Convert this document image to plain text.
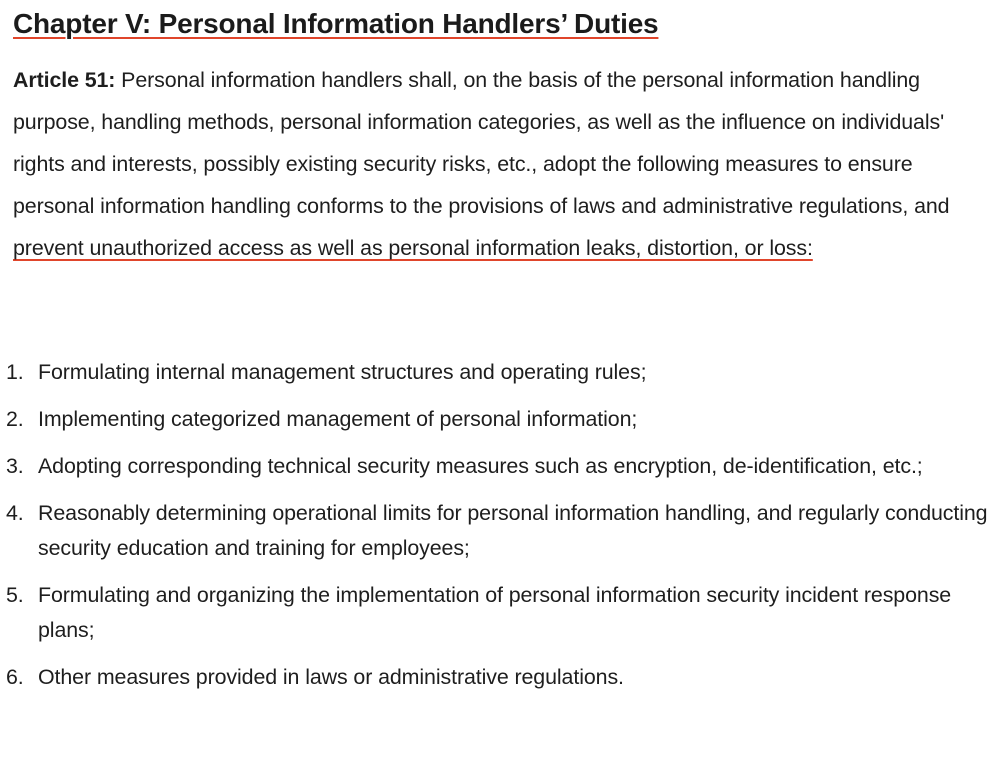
Chapter V: Personal Information Handlers’ Duties

Article 51: Personal information handlers shall, on the basis of the personal information handling purpose, handling methods, personal information categories, as well as the influence on individuals' rights and interests, possibly existing security risks, etc., adopt the following measures to ensure personal information handling conforms to the provisions of laws and administrative regulations, and prevent unauthorized access as well as personal information leaks, distortion, or loss:

1. Formulating internal management structures and operating rules;
2. Implementing categorized management of personal information;
3. Adopting corresponding technical security measures such as encryption, de-identification, etc.;
4. Reasonably determining operational limits for personal information handling, and regularly conducting security education and training for employees;
5. Formulating and organizing the implementation of personal information security incident response plans;
6. Other measures provided in laws or administrative regulations.
